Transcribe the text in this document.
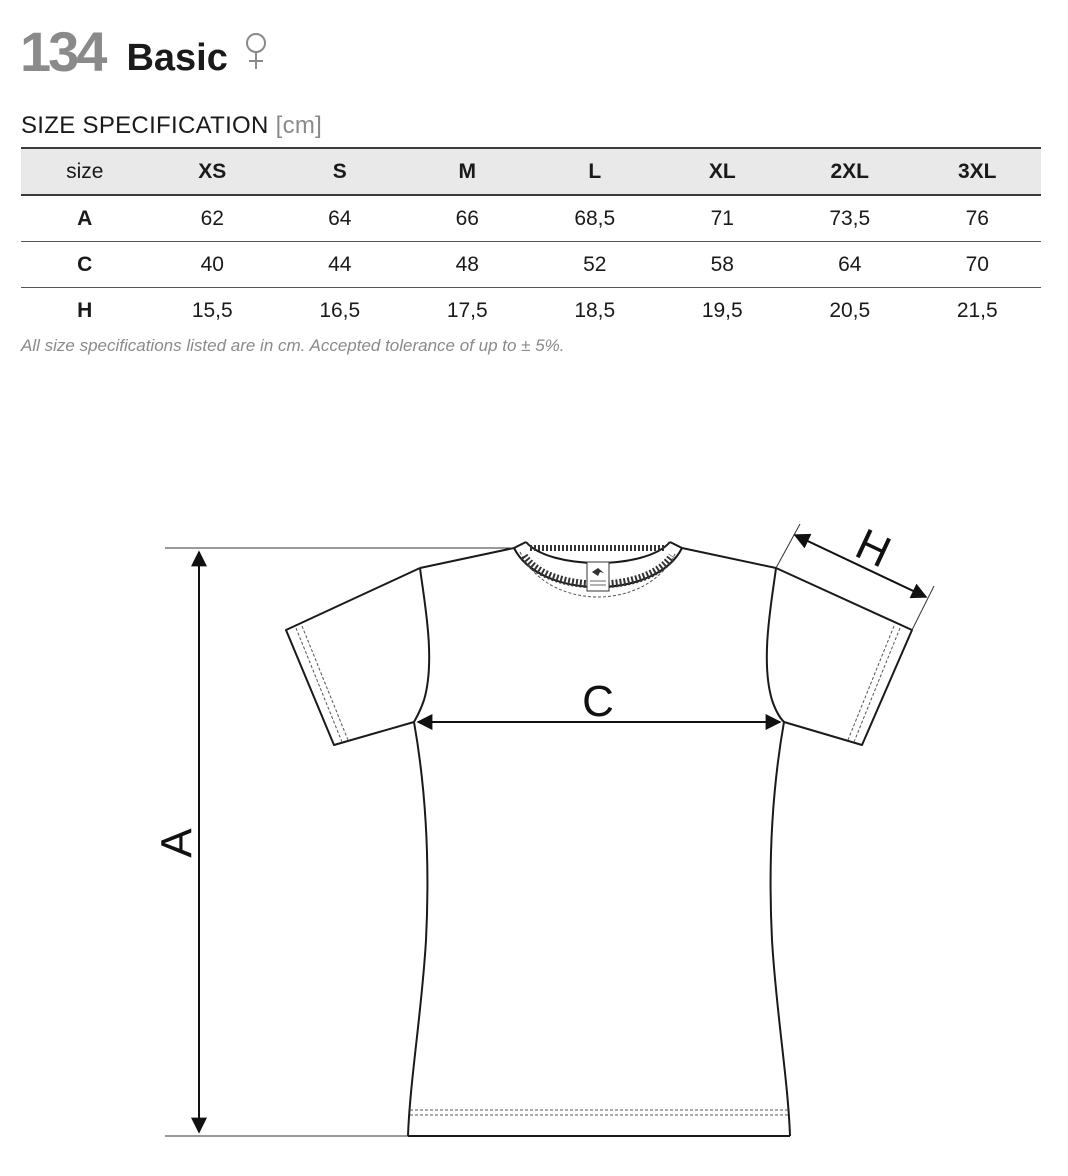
134 Basic
SIZE SPECIFICATION [cm]
size	XS	S	M	L	XL	2XL	3XL
A	62	64	66	68,5	71	73,5	76
C	40	44	48	52	58	64	70
H	15,5	16,5	17,5	18,5	19,5	20,5	21,5
All size specifications listed are in cm. Accepted tolerance of up to ± 5%.
A
C
H
